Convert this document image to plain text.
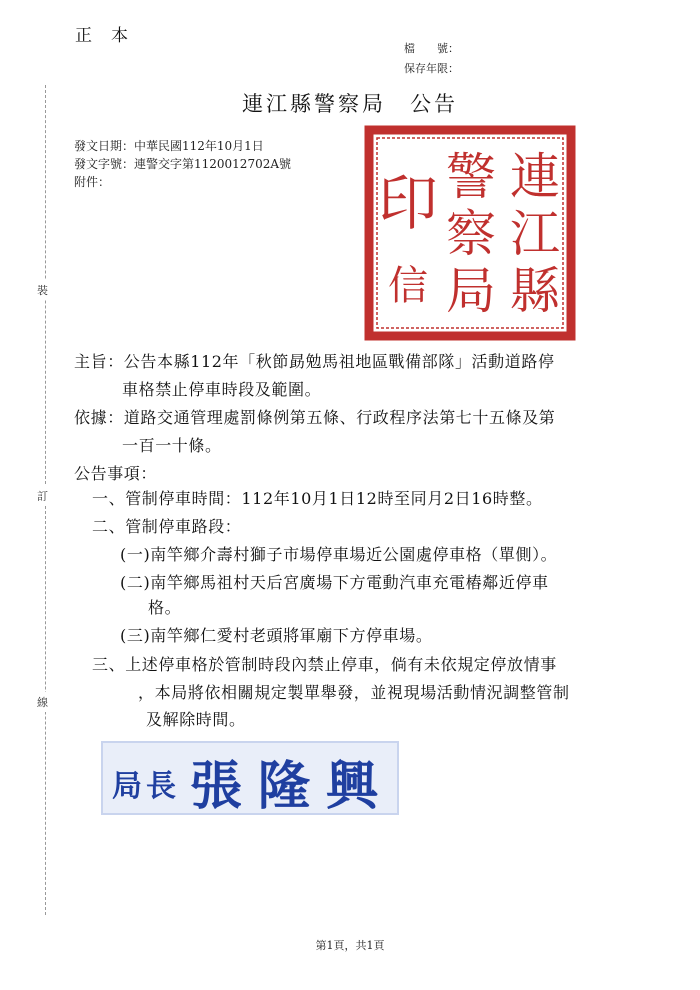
正　本
檔　　號：
保存年限：
連江縣警察局　公告
發文日期：中華民國112年10月1日
發文字號：連警交字第1120012702A號
附件：
裝
訂
線
連
江
縣
警
察
局
印
信
主旨：公告本縣112年「秋節勗勉馬祖地區戰備部隊」活動道路停
車格禁止停車時段及範圍。
依據：道路交通管理處罰條例第五條、行政程序法第七十五條及第
一百一十條。
公告事項：
一、管制停車時間：112年10月1日12時至同月2日16時整。
二、管制停車路段：
(一)南竿鄉介壽村獅子市場停車場近公園處停車格（單側）。
(二)南竿鄉馬祖村天后宮廣場下方電動汽車充電樁鄰近停車
格。
(三)南竿鄉仁愛村老頭將軍廟下方停車場。
三、上述停車格於管制時段內禁止停車，倘有未依規定停放情事
，本局將依相關規定製單舉發，並視現場活動情況調整管制
及解除時間。
局 長 張 隆 興
第1頁，共1頁
